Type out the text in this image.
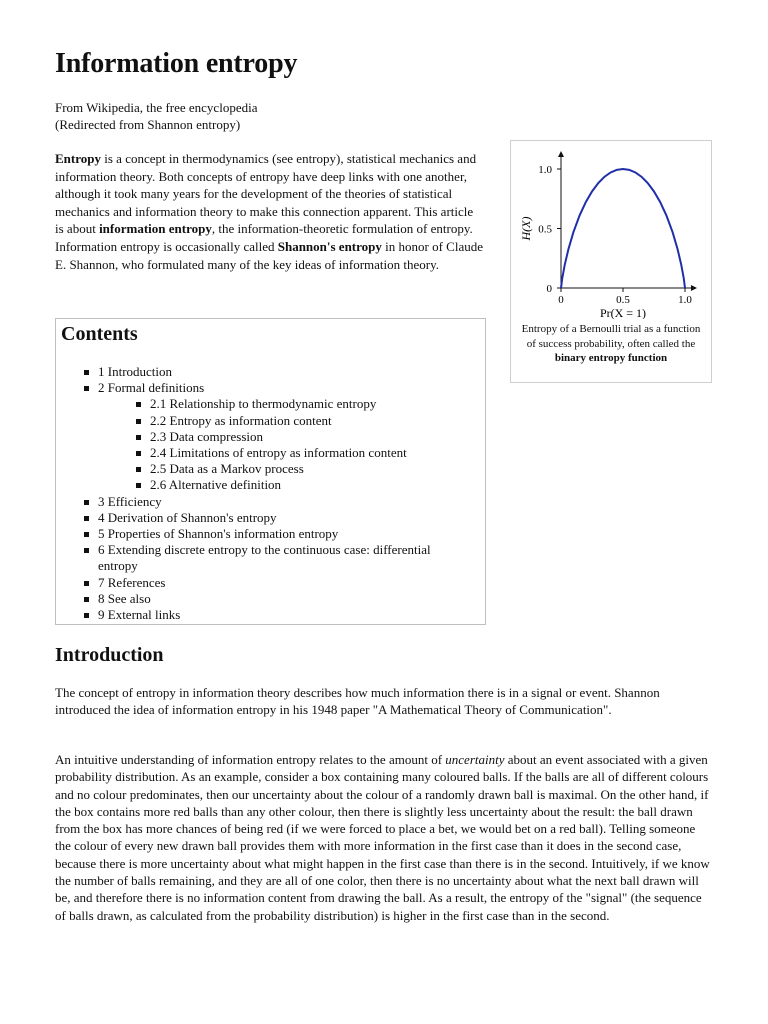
Information entropy
From Wikipedia, the free encyclopedia
(Redirected from Shannon entropy)
Entropy is a concept in thermodynamics (see entropy), statistical mechanics and information theory. Both concepts of entropy have deep links with one another, although it took many years for the development of the theories of statistical mechanics and information theory to make this connection apparent. This article is about information entropy, the information-theoretic formulation of entropy. Information entropy is occasionally called Shannon's entropy in honor of Claude E. Shannon, who formulated many of the key ideas of information theory.
0
0
0.5
0.5
1.0
1.0
Pr(X = 1)
H(X)
Entropy of a Bernoulli trial as a function of success probability, often called the binary entropy function
Contents
1 Introduction
2 Formal definitions
2.1 Relationship to thermodynamic entropy
2.2 Entropy as information content
2.3 Data compression
2.4 Limitations of entropy as information content
2.5 Data as a Markov process
2.6 Alternative definition
3 Efficiency
4 Derivation of Shannon's entropy
5 Properties of Shannon's information entropy
6 Extending discrete entropy to the continuous case: differential entropy
7 References
8 See also
9 External links
Introduction

The concept of entropy in information theory describes how much information there is in a signal or event. Shannon introduced the idea of information entropy in his 1948 paper "A Mathematical Theory of Communication".

An intuitive understanding of information entropy relates to the amount of uncertainty about an event associated with a given probability distribution. As an example, consider a box containing many coloured balls. If the balls are all of different colours and no colour predominates, then our uncertainty about the colour of a randomly drawn ball is maximal. On the other hand, if the box contains more red balls than any other colour, then there is slightly less uncertainty about the result: the ball drawn from the box has more chances of being red (if we were forced to place a bet, we would bet on a red ball). Telling someone the colour of every new drawn ball provides them with more information in the first case than it does in the second case, because there is more uncertainty about what might happen in the first case than there is in the second. Intuitively, if we know the number of balls remaining, and they are all of one color, then there is no uncertainty about what the next ball drawn will be, and therefore there is no information content from drawing the ball. As a result, the entropy of the "signal" (the sequence of balls drawn, as calculated from the probability distribution) is higher in the first case than in the second.
